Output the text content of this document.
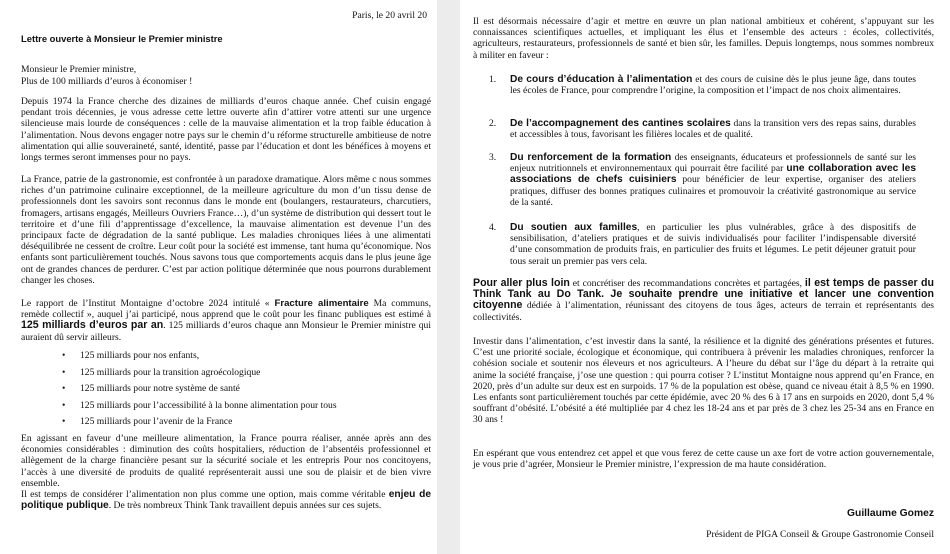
Paris, le 20 avril 20
Lettre ouverte à Monsieur le Premier ministre

Monsieur le Premier ministre,

Plus de 100 milliards d’euros à économiser !

Depuis 1974 la France cherche des dizaines de milliards d’euros chaque année. Chef cuisin engagé pendant trois décennies, je vous adresse cette lettre ouverte afin d’attirer votre attenti sur une urgence silencieuse mais lourde de conséquences : celle de la mauvaise alimentation et la trop faible éducation à l’alimentation. Nous devons engager notre pays sur le chemin d’u réforme structurelle ambitieuse de notre alimentation qui allie souveraineté, santé, identité, passe par l’éducation et dont les bénéfices à moyens et longs termes seront immenses pour no pays.

La France, patrie de la gastronomie, est confrontée à un paradoxe dramatique. Alors même c nous sommes riches d’un patrimoine culinaire exceptionnel, de la meilleure agriculture du mon d’un tissu dense de professionnels dont les savoirs sont reconnus dans le monde ent (boulangers, restaurateurs, charcutiers, fromagers, artisans engagés, Meilleurs Ouvriers France…), d’un système de distribution qui dessert tout le territoire et d’une fili d’apprentissage d’excellence, la mauvaise alimentation est devenue l’un des principaux facte de dégradation de la santé publique. Les maladies chroniques liées à une alimentati déséquilibrée ne cessent de croître. Leur coût pour la société est immense, tant huma qu’économique. Nos enfants sont particulièrement touchés. Nous savons tous que comportements acquis dans le plus jeune âge ont de grandes chances de perdurer. C’est par action politique déterminée que nous pourrons durablement changer les choses.

Le rapport de l’Institut Montaigne d’octobre 2024 intitulé « Fracture alimentaire Ma communs, remède collectif », auquel j’ai participé, nous apprend que le coût pour les financ publiques est estimé à 125 milliards d’euros par an. 125 milliards d’euros chaque ann Monsieur le Premier ministre qui auraient dû servir ailleurs.

• 125 milliards pour nos enfants,
• 125 milliards pour la transition agroécologique
• 125 milliards pour notre système de santé
• 125 milliards pour l’accessibilité à la bonne alimentation pour tous
• 125 milliards pour l’avenir de la France

En agissant en faveur d’une meilleure alimentation, la France pourra réaliser, année après ann des économies considérables : diminution des coûts hospitaliers, réduction de l’absentéis professionnel et allègement de la charge financière pesant sur la sécurité sociale et les entrepris Pour nos concitoyens, l’accès à une diversité de produits de qualité représenterait aussi une sou de plaisir et de bien vivre ensemble.

Il est temps de considérer l’alimentation non plus comme une option, mais comme véritable enjeu de politique publique. De très nombreux Think Tank travaillent depuis années sur ces sujets.

Il est désormais nécessaire d’agir et mettre en œuvre un plan national ambitieux et cohérent, s’appuyant sur les connaissances scientifiques actuelles, et impliquant les élus et l’ensemble des acteurs : écoles, collectivités, agriculteurs, restaurateurs, professionnels de santé et bien sûr, les familles. Depuis longtemps, nous sommes nombreux à militer en faveur :

1. De cours d’éducation à l’alimentation et des cours de cuisine dès le plus jeune âge, dans toutes les écoles de France, pour comprendre l’origine, la composition et l’impact de nos choix alimentaires.

2. De l’accompagnement des cantines scolaires dans la transition vers des repas sains, durables et accessibles à tous, favorisant les filières locales et de qualité.

3. Du renforcement de la formation des enseignants, éducateurs et professionnels de santé sur les enjeux nutritionnels et environnementaux qui pourrait être facilité par une collaboration avec les associations de chefs cuisiniers pour bénéficier de leur expertise, organiser des ateliers pratiques, diffuser des bonnes pratiques culinaires et promouvoir la créativité gastronomique au service de la santé.

4. Du soutien aux familles, en particulier les plus vulnérables, grâce à des dispositifs de sensibilisation, d’ateliers pratiques et de suivis individualisés pour faciliter l’indispensable diversité d’une consommation de produits frais, en particulier des fruits et légumes. Le petit déjeuner gratuit pour tous serait un premier pas vers cela.

Pour aller plus loin et concrétiser des recommandations concrètes et partagées, il est temps de passer du Think Tank au Do Tank. Je souhaite prendre une initiative et lancer une convention citoyenne dédiée à l’alimentation, réunissant des citoyens de tous âges, acteurs de terrain et représentants des collectivités.

Investir dans l’alimentation, c’est investir dans la santé, la résilience et la dignité des générations présentes et futures. C’est une priorité sociale, écologique et économique, qui contribuera à prévenir les maladies chroniques, renforcer la cohésion sociale et soutenir nos éleveurs et nos agriculteurs. A l’heure du débat sur l’âge du départ à la retraite qui anime la société française, j’ose une question : qui pourra cotiser ? L’institut Montaigne nous apprend qu’en France, en 2020, près d’un adulte sur deux est en surpoids. 17 % de la population est obèse, quand ce niveau était à 8,5 % en 1990. Les enfants sont particulièrement touchés par cette épidémie, avec 20 % des 6 à 17 ans en surpoids en 2020, dont 5,4 % souffrant d’obésité. L’obésité a été multipliée par 4 chez les 18-24 ans et par près de 3 chez les 25-34 ans en France en 30 ans !

En espérant que vous entendrez cet appel et que vous ferez de cette cause un axe fort de votre action gouvernementale, je vous prie d’agréer, Monsieur le Premier ministre, l’expression de ma haute considération.

Guillaume Gomez
Président de PIGA Conseil & Groupe Gastronomie Conseil
